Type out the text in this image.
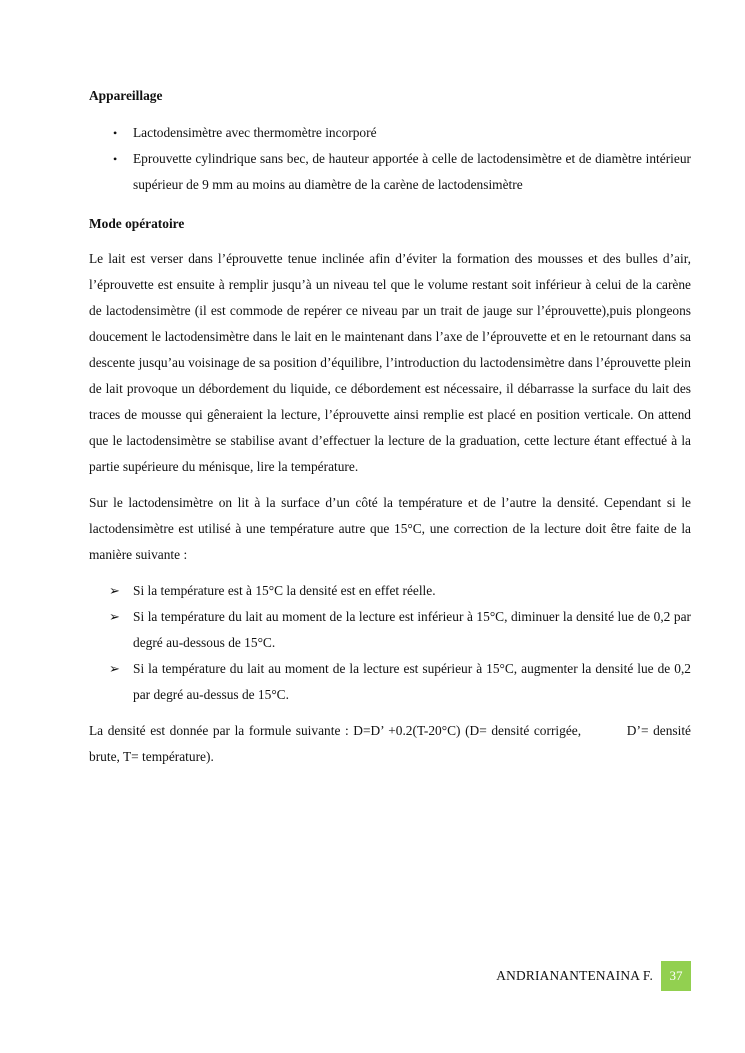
Appareillage

• Lactodensimètre avec thermomètre incorporé
• Eprouvette cylindrique sans bec, de hauteur apportée à celle de lactodensimètre et de diamètre intérieur supérieur de 9 mm au moins au diamètre de la carène de lactodensimètre

Mode opératoire

Le lait est verser dans l’éprouvette tenue inclinée afin d’éviter la formation des mousses et des bulles d’air, l’éprouvette est ensuite à remplir jusqu’à un niveau tel que le volume restant soit inférieur à celui de la carène de lactodensimètre (il est commode de repérer ce niveau par un trait de jauge sur l’éprouvette),puis plongeons doucement le lactodensimètre dans le lait en le maintenant dans l’axe de l’éprouvette et en le retournant dans sa descente jusqu’au voisinage de sa position d’équilibre, l’introduction du lactodensimètre dans l’éprouvette plein de lait provoque un débordement du liquide, ce débordement est nécessaire, il débarrasse la surface du lait des traces de mousse qui gêneraient la lecture, l’éprouvette ainsi remplie est placé en position verticale. On attend que le lactodensimètre se stabilise avant d’effectuer la lecture de la graduation, cette lecture étant effectué à la partie supérieure du ménisque, lire la température.

Sur le lactodensimètre on lit à la surface d’un côté la température et de l’autre la densité. Cependant si le lactodensimètre est utilisé à une température autre que 15°C, une correction de la lecture doit être faite de la manière suivante :

➢ Si la température est à 15°C la densité est en effet réelle.
➢ Si la température du lait au moment de la lecture est inférieur à 15°C, diminuer la densité lue de 0,2 par degré au-dessous de 15°C.
➢ Si la température du lait au moment de la lecture est supérieur à 15°C, augmenter la densité lue de 0,2 par degré au-dessus de 15°C.

La densité est donnée par la formule suivante : D=D’ +0.2(T-20°C) (D= densité corrigée,          D’= densité brute, T= température).

ANDRIANANTENAINA F.	37
